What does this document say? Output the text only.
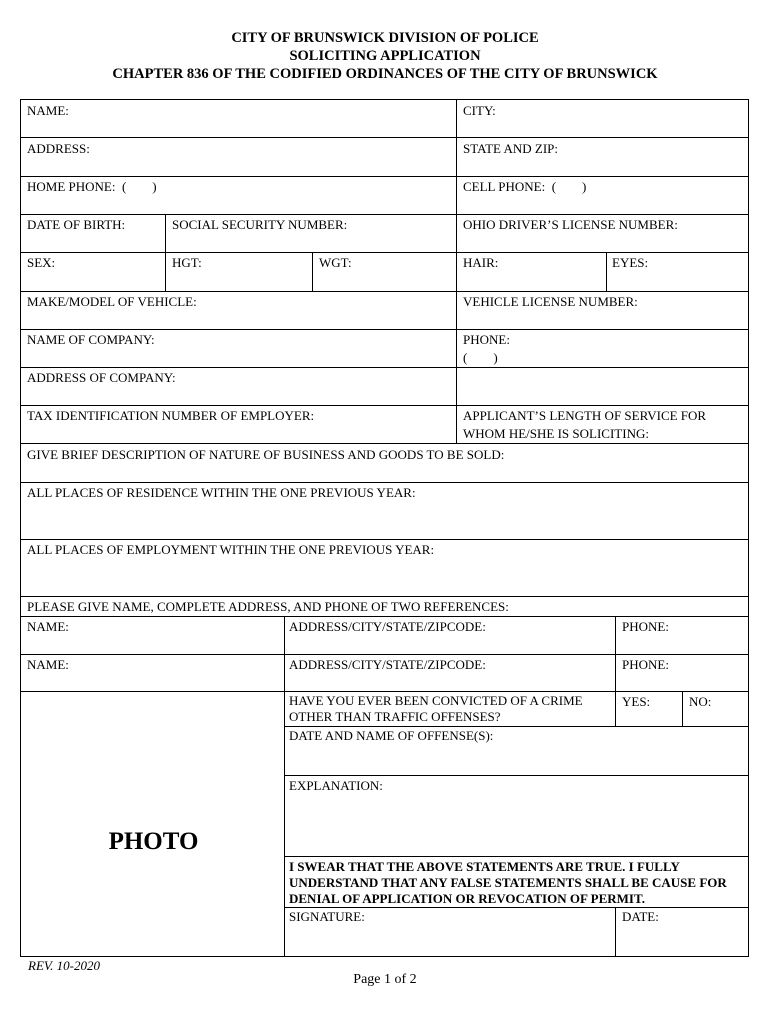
CITY OF BRUNSWICK DIVISION OF POLICE
SOLICITING APPLICATION
CHAPTER 836 OF THE CODIFIED ORDINANCES OF THE CITY OF BRUNSWICK
NAME:	CITY:
ADDRESS:	STATE AND ZIP:
HOME PHONE:  (        )	CELL PHONE:  (        )
DATE OF BIRTH:	SOCIAL SECURITY NUMBER:	OHIO DRIVER’S LICENSE NUMBER:
SEX:	HGT:	WGT:	HAIR:	EYES:
MAKE/MODEL OF VEHICLE:	VEHICLE LICENSE NUMBER:
NAME OF COMPANY:	PHONE:
(        )
ADDRESS OF COMPANY:
TAX IDENTIFICATION NUMBER OF EMPLOYER:	APPLICANT’S LENGTH OF SERVICE FOR WHOM HE/SHE IS SOLICITING:
GIVE BRIEF DESCRIPTION OF NATURE OF BUSINESS AND GOODS TO BE SOLD:
ALL PLACES OF RESIDENCE WITHIN THE ONE PREVIOUS YEAR:
ALL PLACES OF EMPLOYMENT WITHIN THE ONE PREVIOUS YEAR:
PLEASE GIVE NAME, COMPLETE ADDRESS, AND PHONE OF TWO REFERENCES:
NAME:	ADDRESS/CITY/STATE/ZIPCODE:	PHONE:
NAME:	ADDRESS/CITY/STATE/ZIPCODE:	PHONE:
HAVE YOU EVER BEEN CONVICTED OF A CRIME OTHER THAN TRAFFIC OFFENSES?
YES:	NO:
DATE AND NAME OF OFFENSE(S):
EXPLANATION:
PHOTO
I SWEAR THAT THE ABOVE STATEMENTS ARE TRUE. I FULLY UNDERSTAND THAT ANY FALSE STATEMENTS SHALL BE CAUSE FOR DENIAL OF APPLICATION OR REVOCATION OF PERMIT.
SIGNATURE:	DATE:
REV. 10-2020
Page 1 of 2
